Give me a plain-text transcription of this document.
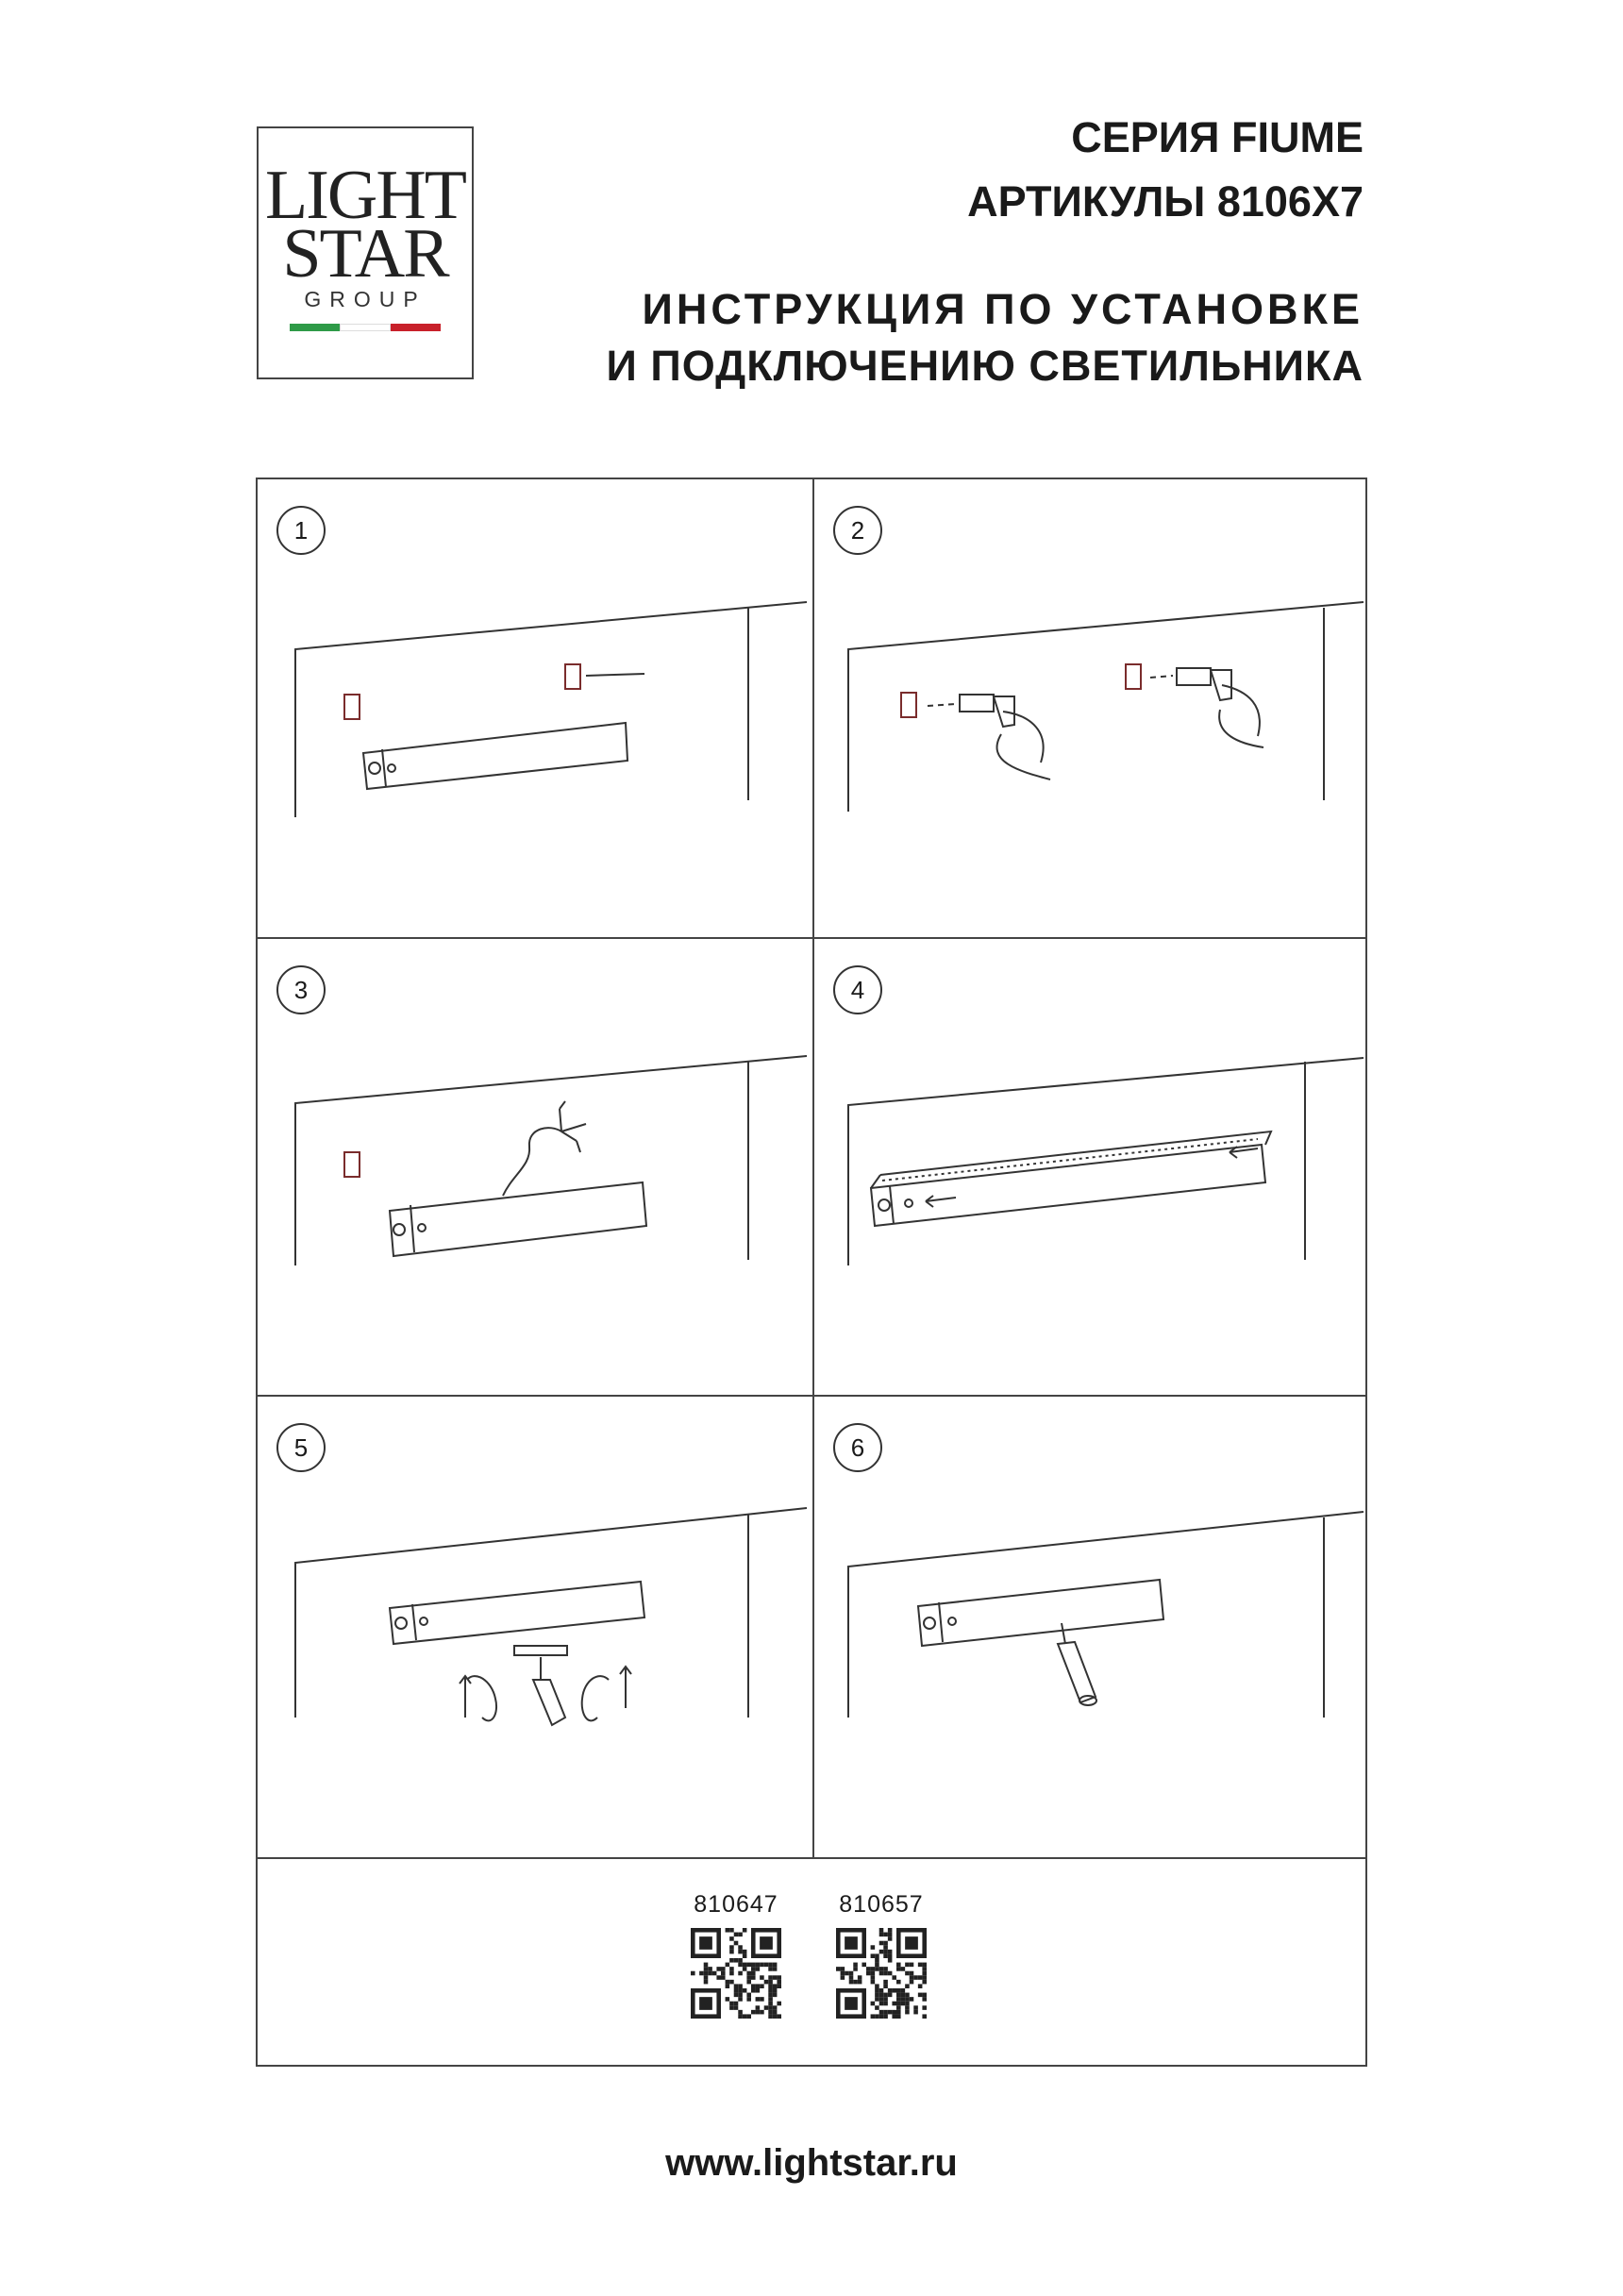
LIGHT
STAR
GROUP
СЕРИЯ FIUME
АРТИКУЛЫ 8106X7
ИНСТРУКЦИЯ ПО УСТАНОВКЕ
И ПОДКЛЮЧЕНИЮ СВЕТИЛЬНИКА
1	2
3	4
5	6
810647	810657
www.lightstar.ru
